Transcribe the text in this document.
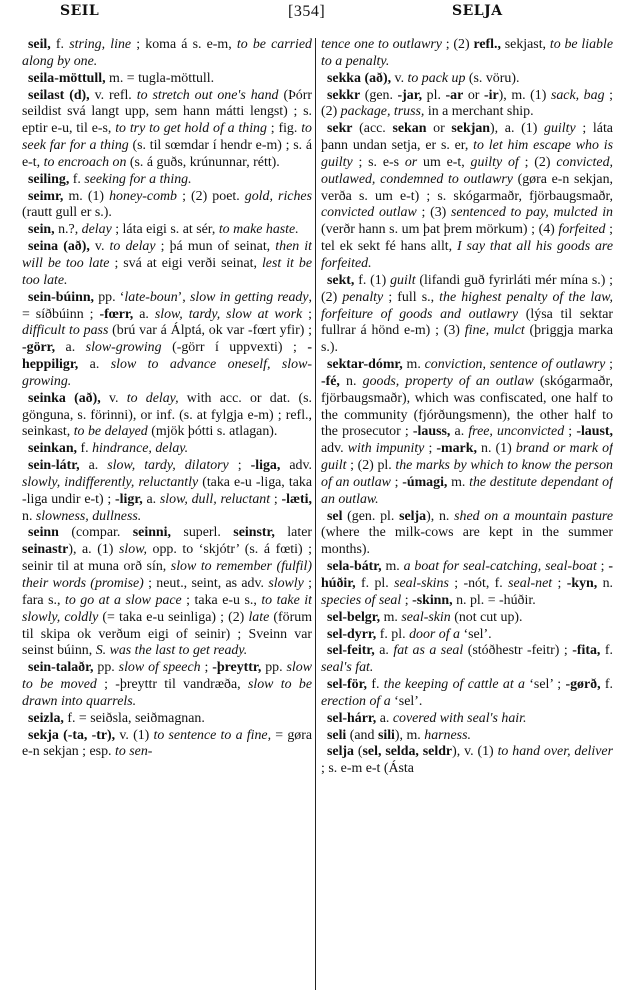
SEIL	[354]	SELJA

seil, f. string, line ; koma á s. e-m, to be carried along by one.

seila-möttull, m. = tugla-möttull.

seilast (d), v. refl. to stretch out one's hand (Þórr seildist svá langt upp, sem hann mátti lengst) ; s. eptir e-u, til e-s, to try to get hold of a thing ; fig. to seek far for a thing (s. til sœmdar í hendr e-m) ; s. á e-t, to encroach on (s. á guðs, krúnunnar, rétt).

seiling, f. seeking for a thing.

seimr, m. (1) honey-comb ; (2) poet. gold, riches (rautt gull er s.).

sein, n.?, delay ; láta eigi s. at sér, to make haste.

seina (að), v. to delay ; þá mun of seinat, then it will be too late ; svá at eigi verði seinat, lest it be too late.

sein-búinn, pp. ‘late-boun’, slow in getting ready, = síðbúinn ; -fœrr, a. slow, tardy, slow at work ; difficult to pass (brú var á Álptá, ok var -fœrt yfir) ; -görr, a. slow-growing (-görr í uppvexti) ; -heppiligr, a. slow to advance oneself, slow-growing.

seinka (að), v. to delay, with acc. or dat. (s. gönguna, s. förinni), or inf. (s. at fylgja e-m) ; refl., seinkast, to be delayed (mjök þótti s. atlagan).

seinkan, f. hindrance, delay.

sein-látr, a. slow, tardy, dilatory ; -liga, adv. slowly, indifferently, reluctantly (taka e-u -liga, taka -liga undir e-t) ; -ligr, a. slow, dull, reluctant ; -læti, n. slowness, dullness.

seinn (compar. seinni, superl. seinstr, later seinastr), a. (1) slow, opp. to ‘skjótr’ (s. á fœti) ; seinir til at muna orð sín, slow to remember (fulfil) their words (promise) ; neut., seint, as adv. slowly ; fara s., to go at a slow pace ; taka e-u s., to take it slowly, coldly (= taka e-u seinliga) ; (2) late (förum til skipa ok verðum eigi of seinir) ; Sveinn var seinst búinn, S. was the last to get ready.

sein-talaðr, pp. slow of speech ; -þreyttr, pp. slow to be moved ; -þreyttr til vandræða, slow to be drawn into quarrels.

seizla, f. = seiðsla, seiðmagnan.

sekja (-ta, -tr), v. (1) to sentence to a fine, = gøra e-n sekjan ; esp. to sen-

tence one to outlawry ; (2) refl., sekjast, to be liable to a penalty.

sekka (að), v. to pack up (s. vöru).

sekkr (gen. -jar, pl. -ar or -ir), m. (1) sack, bag ; (2) package, truss, in a merchant ship.

sekr (acc. sekan or sekjan), a. (1) guilty ; láta þann undan setja, er s. er, to let him escape who is guilty ; s. e-s or um e-t, guilty of ; (2) convicted, outlawed, condemned to outlawry (gøra e-n sekjan, verða s. um e-t) ; s. skógarmaðr, fjörbaugsmaðr, convicted outlaw ; (3) sentenced to pay, mulcted in (verðr hann s. um þat þrem mörkum) ; (4) forfeited ; tel ek sekt fé hans allt, I say that all his goods are forfeited.

sekt, f. (1) guilt (lifandi guð fyrirláti mér mína s.) ; (2) penalty ; full s., the highest penalty of the law, forfeiture of goods and outlawry (lýsa til sektar fullrar á hönd e-m) ; (3) fine, mulct (þriggja marka s.).

sektar-dómr, m. conviction, sentence of outlawry ; -fé, n. goods, property of an outlaw (skógarmaðr, fjörbaugsmaðr), which was confiscated, one half to the community (fjórðungsmenn), the other half to the prosecutor ; -lauss, a. free, unconvicted ; -laust, adv. with impunity ; -mark, n. (1) brand or mark of guilt ; (2) pl. the marks by which to know the person of an outlaw ; -úmagi, m. the destitute dependant of an outlaw.

sel (gen. pl. selja), n. shed on a mountain pasture (where the milk-cows are kept in the summer months).

sela-bátr, m. a boat for seal-catching, seal-boat ; -húðir, f. pl. seal-skins ; -nót, f. seal-net ; -kyn, n. species of seal ; -skinn, n. pl. = -húðir.

sel-belgr, m. seal-skin (not cut up).

sel-dyrr, f. pl. door of a ‘sel’.

sel-feitr, a. fat as a seal (stóðhestr -feitr) ; -fita, f. seal's fat.

sel-för, f. the keeping of cattle at a ‘sel’ ; -gørð, f. erection of a ‘sel’.

sel-hárr, a. covered with seal's hair.

seli (and sili), m. harness.

selja (sel, selda, seldr), v. (1) to hand over, deliver ; s. e-m e-t (Ásta
